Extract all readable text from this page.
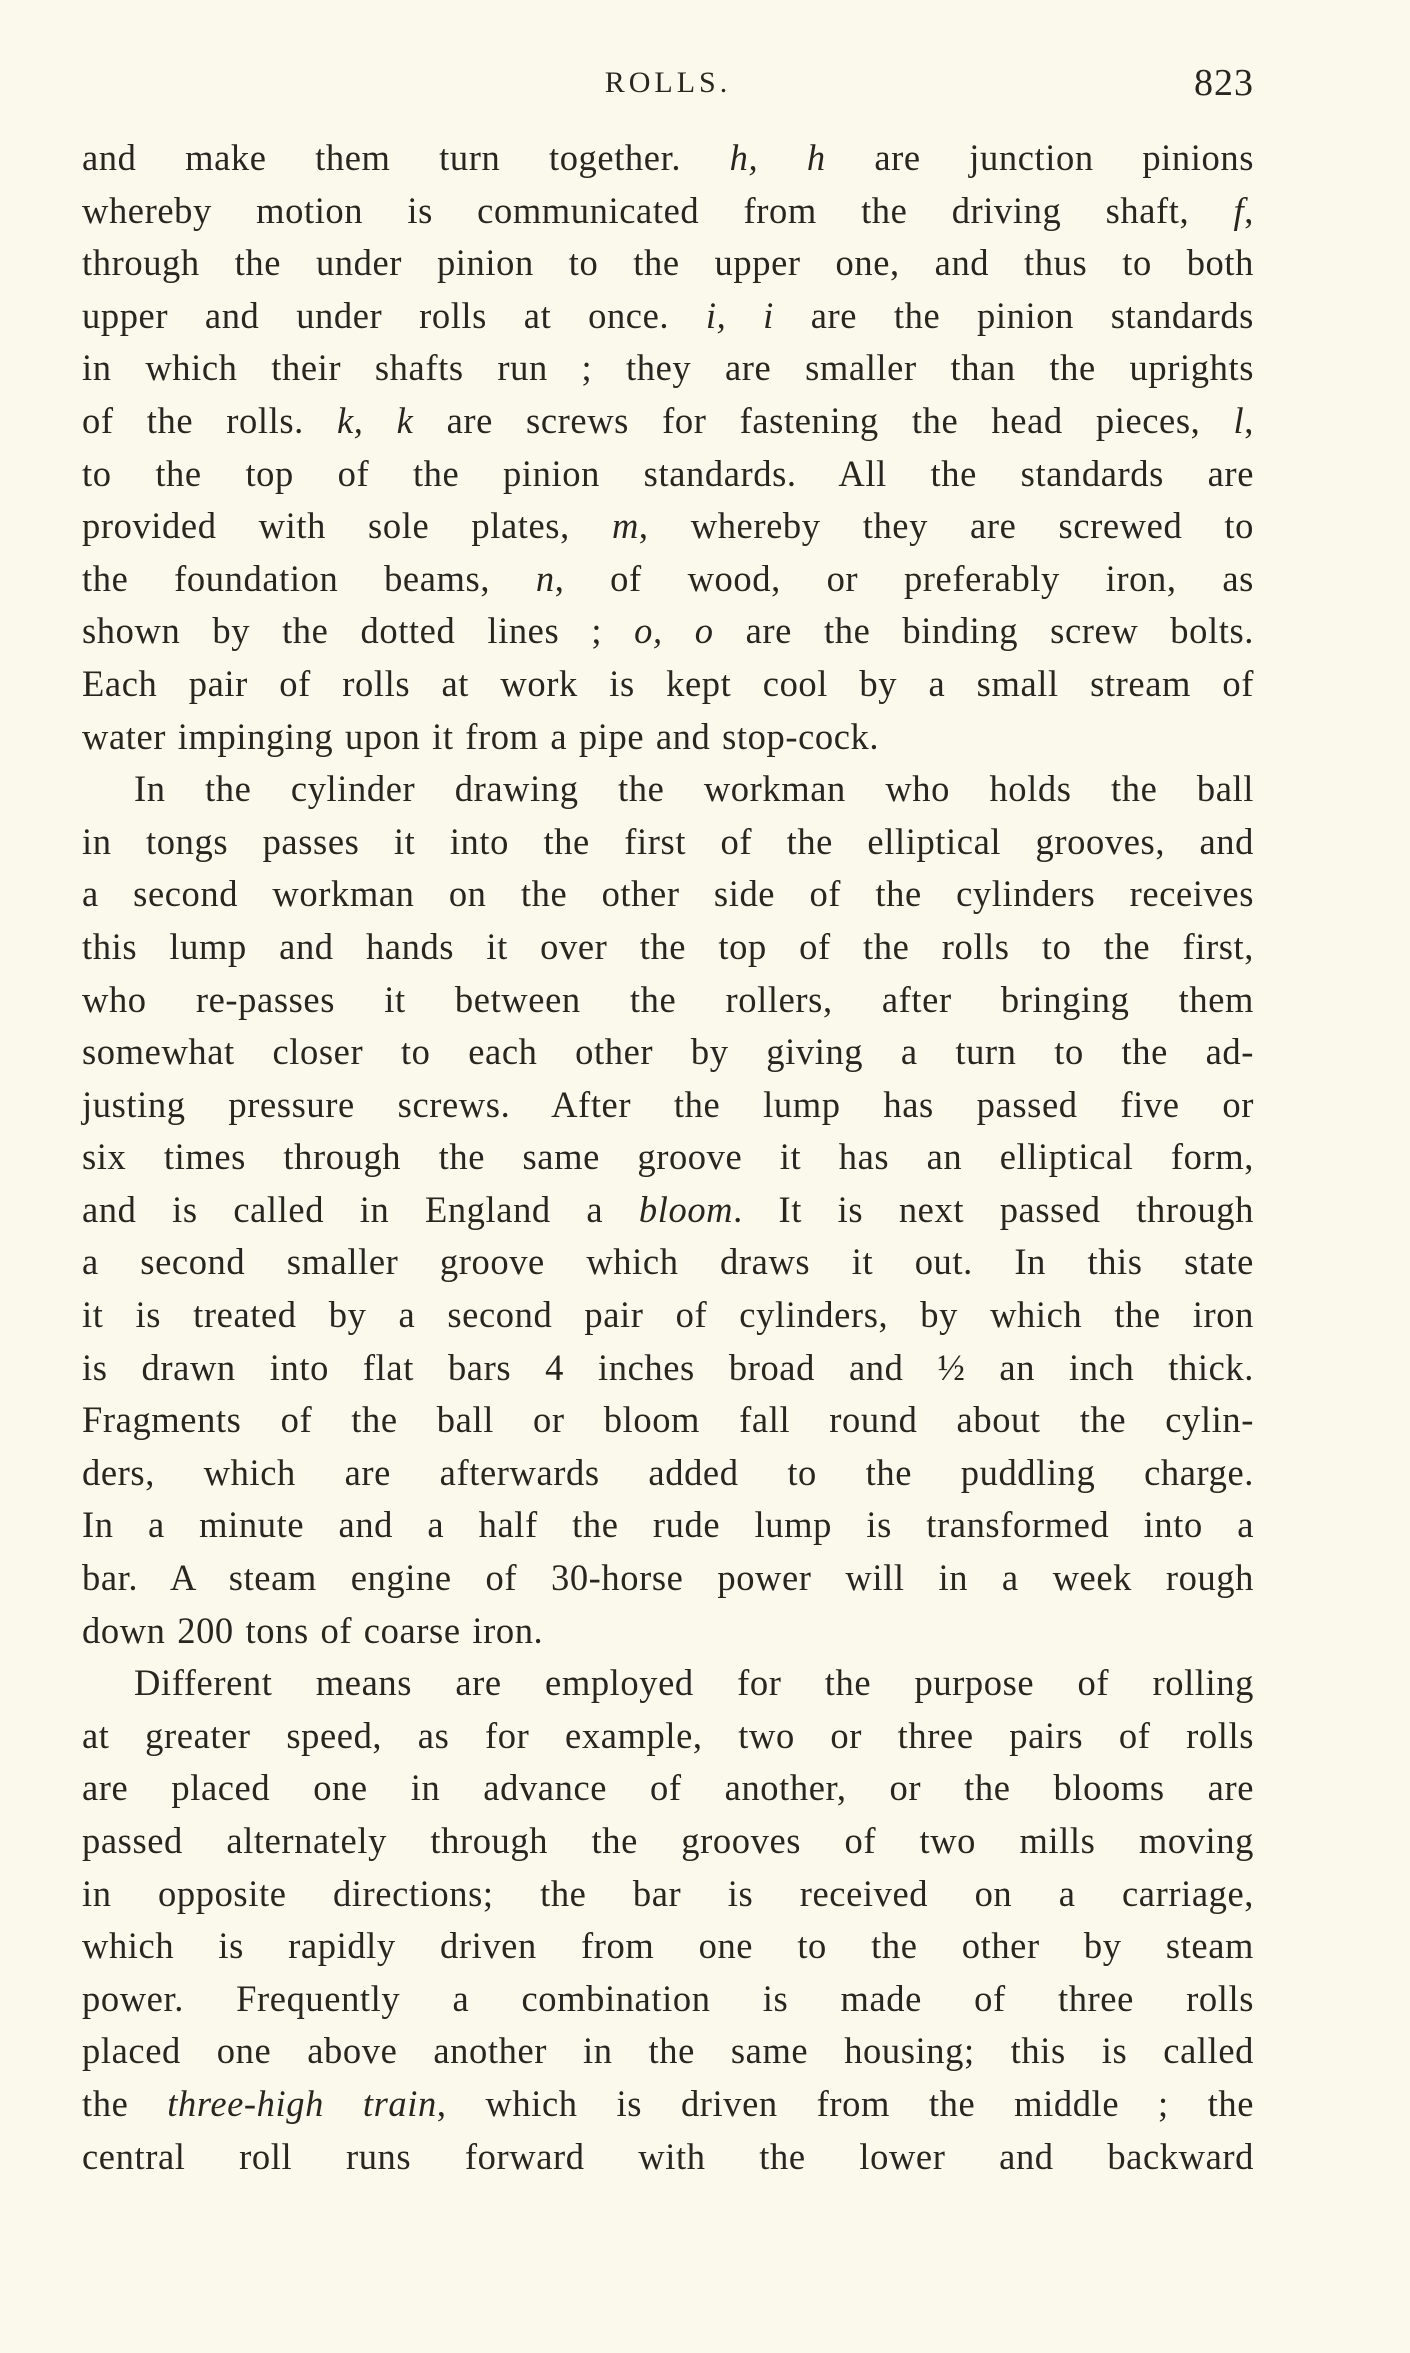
ROLLS.	823
and make them turn together. h, h are junction pinions
whereby motion is communicated from the driving shaft, f,
through the under pinion to the upper one, and thus to both
upper and under rolls at once. i, i are the pinion standards
in which their shafts run ; they are smaller than the uprights
of the rolls. k, k are screws for fastening the head pieces, l,
to the top of the pinion standards. All the standards are
provided with sole plates, m, whereby they are screwed to
the foundation beams, n, of wood, or preferably iron, as
shown by the dotted lines ; o, o are the binding screw bolts.
Each pair of rolls at work is kept cool by a small stream of
water impinging upon it from a pipe and stop-cock.
In the cylinder drawing the workman who holds the ball
in tongs passes it into the first of the elliptical grooves, and
a second workman on the other side of the cylinders receives
this lump and hands it over the top of the rolls to the first,
who re-passes it between the rollers, after bringing them
somewhat closer to each other by giving a turn to the ad-
justing pressure screws. After the lump has passed five or
six times through the same groove it has an elliptical form,
and is called in England a bloom. It is next passed through
a second smaller groove which draws it out. In this state
it is treated by a second pair of cylinders, by which the iron
is drawn into flat bars 4 inches broad and ½ an inch thick.
Fragments of the ball or bloom fall round about the cylin-
ders, which are afterwards added to the puddling charge.
In a minute and a half the rude lump is transformed into a
bar. A steam engine of 30-horse power will in a week rough
down 200 tons of coarse iron.
Different means are employed for the purpose of rolling
at greater speed, as for example, two or three pairs of rolls
are placed one in advance of another, or the blooms are
passed alternately through the grooves of two mills moving
in opposite directions; the bar is received on a carriage,
which is rapidly driven from one to the other by steam
power. Frequently a combination is made of three rolls
placed one above another in the same housing; this is called
the three-high train, which is driven from the middle ; the
central roll runs forward with the lower and backward
